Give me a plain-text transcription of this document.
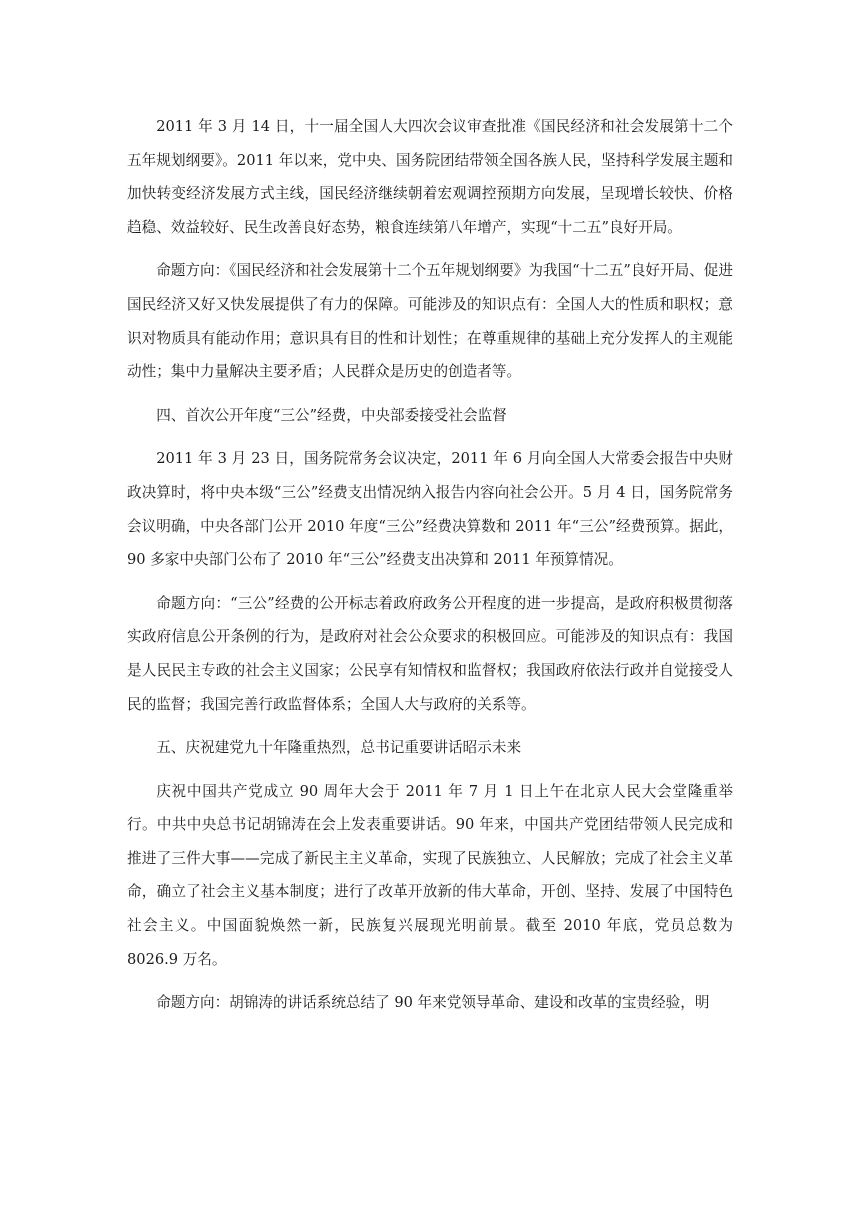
2011 年 3 月 14 日，十一届全国人大四次会议审查批准《国民经济和社会发展第十二个五年规划纲要》。2011 年以来，党中央、国务院团结带领全国各族人民，坚持科学发展主题和加快转变经济发展方式主线，国民经济继续朝着宏观调控预期方向发展，呈现增长较快、价格趋稳、效益较好、民生改善良好态势，粮食连续第八年增产，实现“十二五”良好开局。

命题方向：《国民经济和社会发展第十二个五年规划纲要》为我国“十二五”良好开局、促进国民经济又好又快发展提供了有力的保障。可能涉及的知识点有：全国人大的性质和职权；意识对物质具有能动作用；意识具有目的性和计划性；在尊重规律的基础上充分发挥人的主观能动性；集中力量解决主要矛盾；人民群众是历史的创造者等。

四、首次公开年度“三公”经费，中央部委接受社会监督

2011 年 3 月 23 日，国务院常务会议决定，2011 年 6 月向全国人大常委会报告中央财政决算时，将中央本级“三公”经费支出情况纳入报告内容向社会公开。5 月 4 日，国务院常务会议明确，中央各部门公开 2010 年度“三公”经费决算数和 2011 年“三公”经费预算。据此，90 多家中央部门公布了 2010 年“三公”经费支出决算和 2011 年预算情况。

命题方向：“三公”经费的公开标志着政府政务公开程度的进一步提高，是政府积极贯彻落实政府信息公开条例的行为，是政府对社会公众要求的积极回应。可能涉及的知识点有：我国是人民民主专政的社会主义国家；公民享有知情权和监督权；我国政府依法行政并自觉接受人民的监督；我国完善行政监督体系；全国人大与政府的关系等。

五、庆祝建党九十年隆重热烈，总书记重要讲话昭示未来

庆祝中国共产党成立 90 周年大会于 2011 年 7 月 1 日上午在北京人民大会堂隆重举行。中共中央总书记胡锦涛在会上发表重要讲话。90 年来，中国共产党团结带领人民完成和推进了三件大事——完成了新民主主义革命，实现了民族独立、人民解放；完成了社会主义革命，确立了社会主义基本制度；进行了改革开放新的伟大革命，开创、坚持、发展了中国特色社会主义。中国面貌焕然一新，民族复兴展现光明前景。截至 2010 年底，党员总数为 8026.9 万名。

命题方向：胡锦涛的讲话系统总结了 90 年来党领导革命、建设和改革的宝贵经验，明
